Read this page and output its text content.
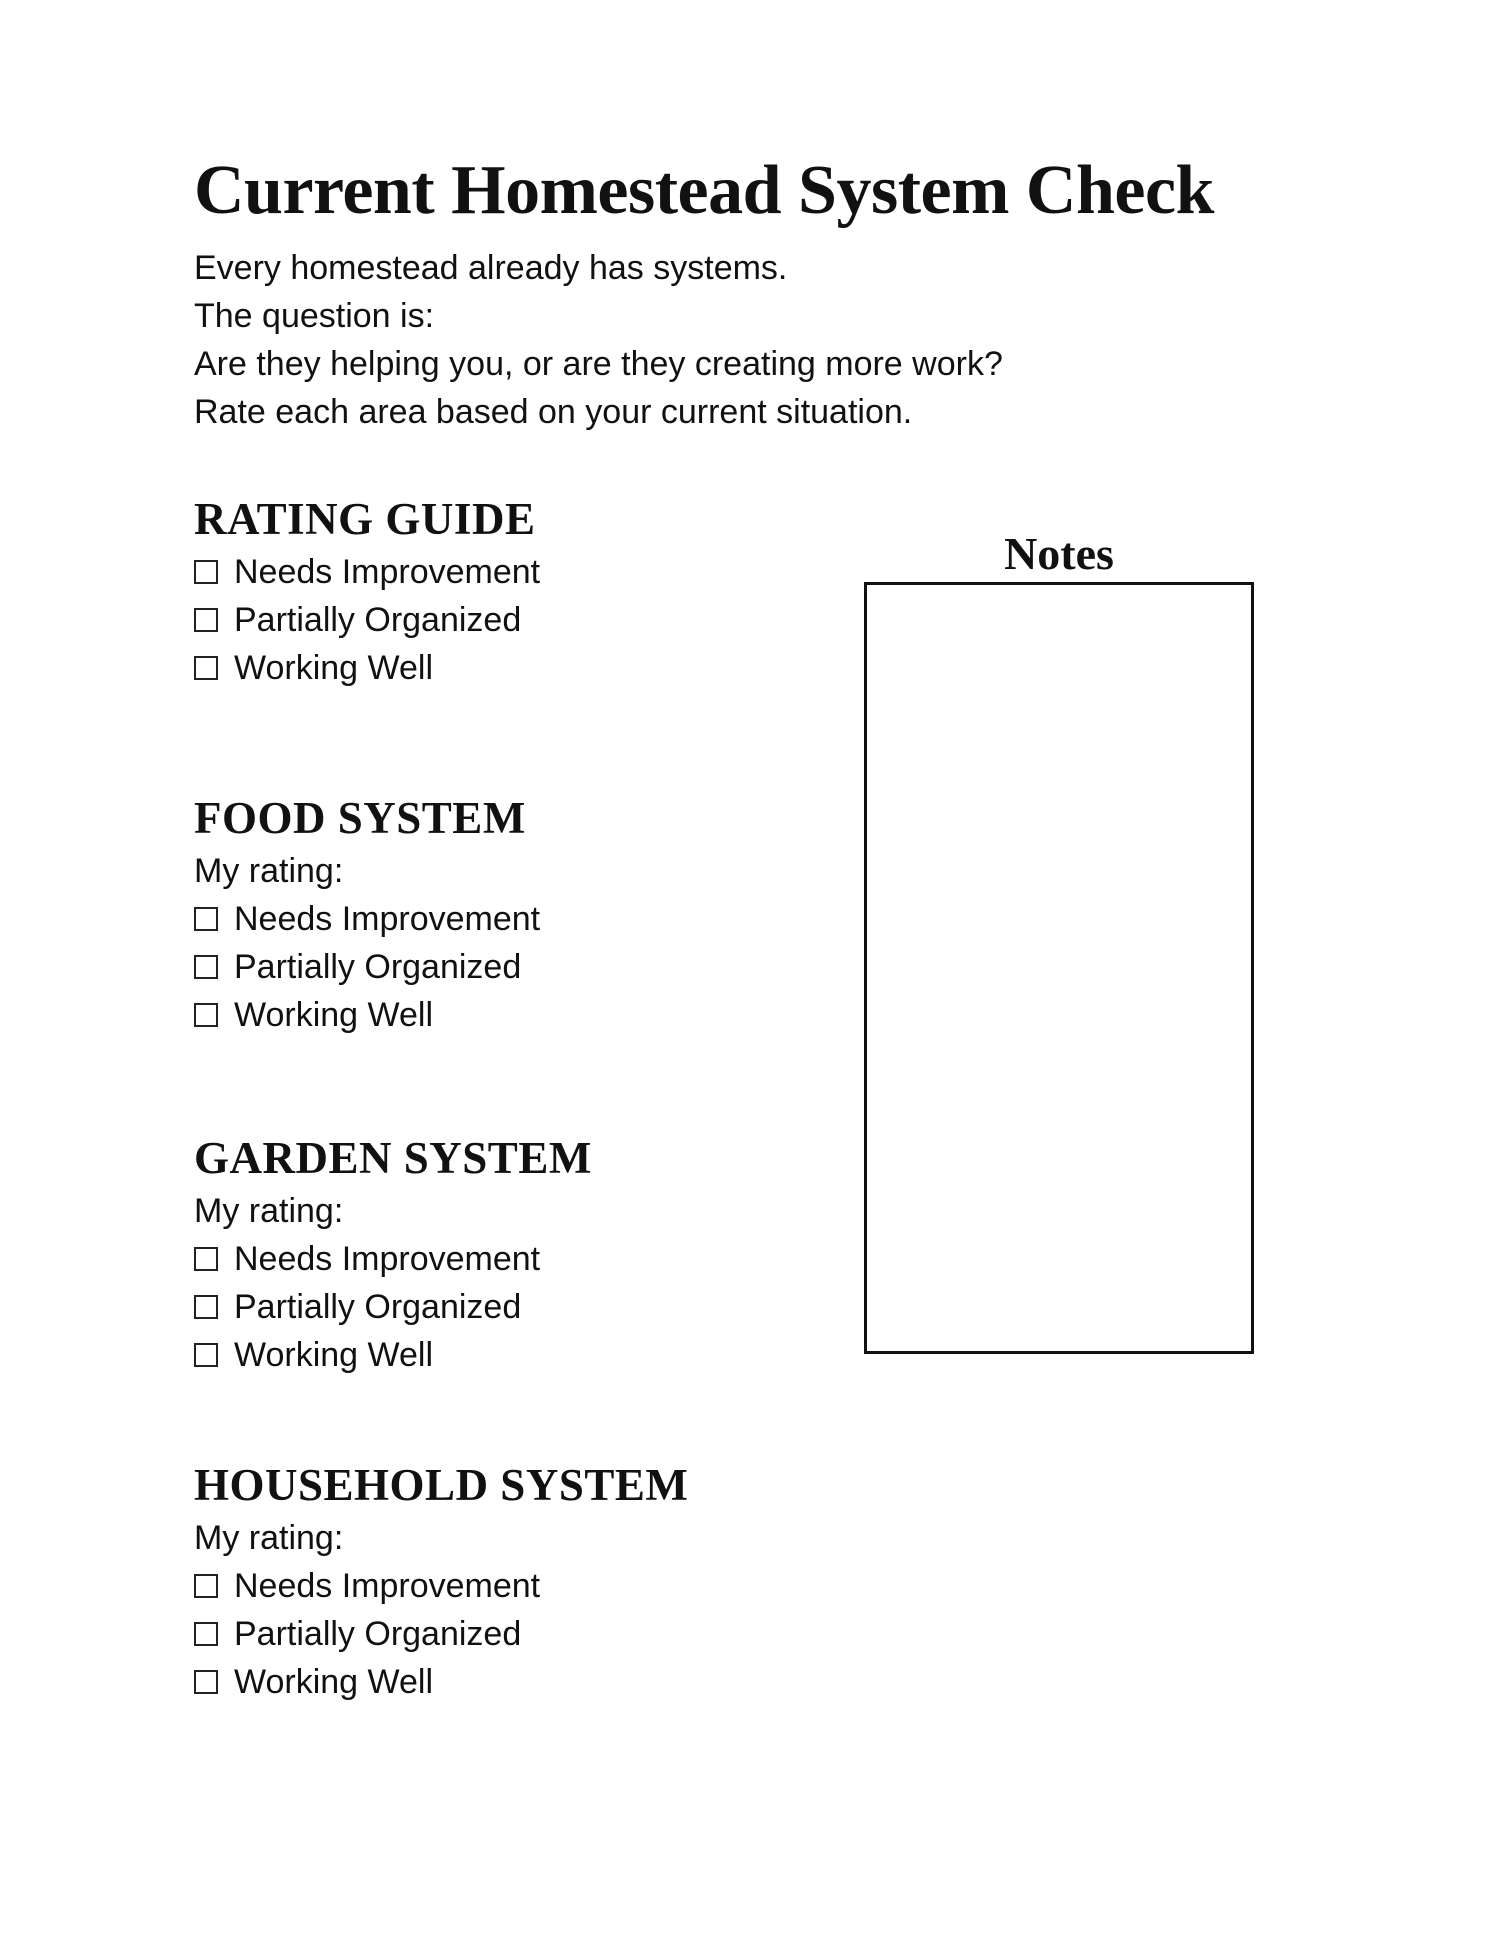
Current Homestead System Check
Every homestead already has systems.
The question is:
Are they helping you, or are they creating more work?
Rate each area based on your current situation.
RATING GUIDE
Needs Improvement
Partially Organized
Working Well
FOOD SYSTEM
My rating:
Needs Improvement
Partially Organized
Working Well
GARDEN SYSTEM
My rating:
Needs Improvement
Partially Organized
Working Well
HOUSEHOLD SYSTEM
My rating:
Needs Improvement
Partially Organized
Working Well
Notes
